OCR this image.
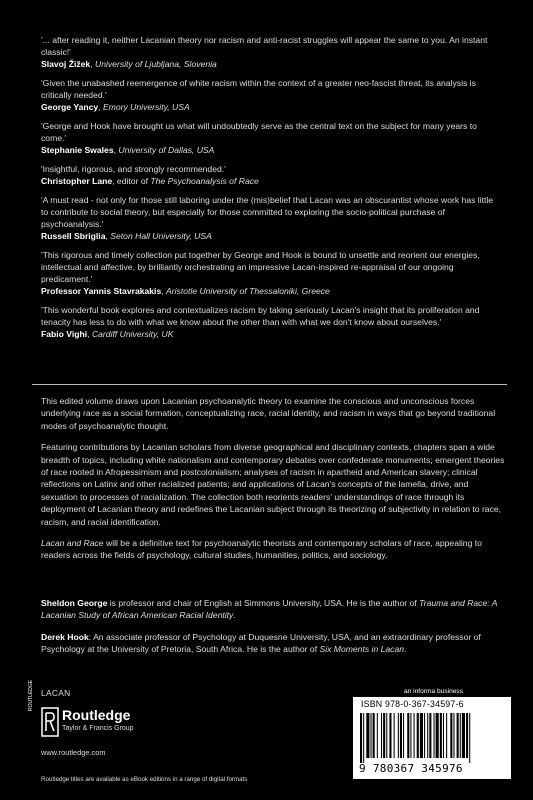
'... after reading it, neither Lacanian theory nor racism and anti-racist struggles will appear the same to you. An instant classic!'
Slavoj Žižek, University of Ljubljana, Slovenia
'Given the unabashed reemergence of white racism within the context of a greater neo-fascist threat, its analysis is critically needed.'
George Yancy, Emory University, USA
'George and Hook have brought us what will undoubtedly serve as the central text on the subject for many years to come.'
Stephanie Swales, University of Dallas, USA
'Insightful, rigorous, and strongly recommended.'
Christopher Lane, editor of The Psychoanalysis of Race
'A must read - not only for those still laboring under the (mis)belief that Lacan was an obscurantist whose work has little to contribute to social theory, but especially for those committed to exploring the socio-political purchase of psychoanalysis.'
Russell Sbriglia, Seton Hall University, USA
'This rigorous and timely collection put together by George and Hook is bound to unsettle and reorient our energies, intellectual and affective, by brilliantly orchestrating an impressive Lacan-inspired re-appraisal of our ongoing predicament.'
Professor Yannis Stavrakakis, Aristotle University of Thessaloniki, Greece
'This wonderful book explores and contextualizes racism by taking seriously Lacan's insight that its proliferation and tenacity has less to do with what we know about the other than with what we don't know about ourselves.'
Fabio Vighi, Cardiff University, UK

This edited volume draws upon Lacanian psychoanalytic theory to examine the conscious and unconscious forces underlying race as a social formation, conceptualizing race, racial identity, and racism in ways that go beyond traditional modes of psychoanalytic thought.

Featuring contributions by Lacanian scholars from diverse geographical and disciplinary contexts, chapters span a wide breadth of topics, including white nationalism and contemporary debates over confederate monuments; emergent theories of race rooted in Afropessimism and postcolonialism; analyses of racism in apartheid and American slavery; clinical reflections on Latinx and other racialized patients; and applications of Lacan's concepts of the lamella, drive, and sexuation to processes of racialization. The collection both reorients readers' understandings of race through its deployment of Lacanian theory and redefines the Lacanian subject through its theorizing of subjectivity in relation to race, racism, and racial identification.

Lacan and Race will be a definitive text for psychoanalytic theorists and contemporary scholars of race, appealing to readers across the fields of psychology, cultural studies, humanities, politics, and sociology.

Sheldon George is professor and chair of English at Simmons University, USA. He is the author of Trauma and Race: A Lacanian Study of African American Racial Identity.

Derek Hook: An associate professor of Psychology at Duquesne University, USA, and an extraordinary professor of Psychology at the University of Pretoria, South Africa. He is the author of Six Moments in Lacan.

LACAN
ROUTLEDGE
Routledge
Taylor & Francis Group
www.routledge.com
Routledge titles are available as eBook editions in a range of digital formats
an informa business
ISBN 978-0-367-34597-6
9 780367 345976
